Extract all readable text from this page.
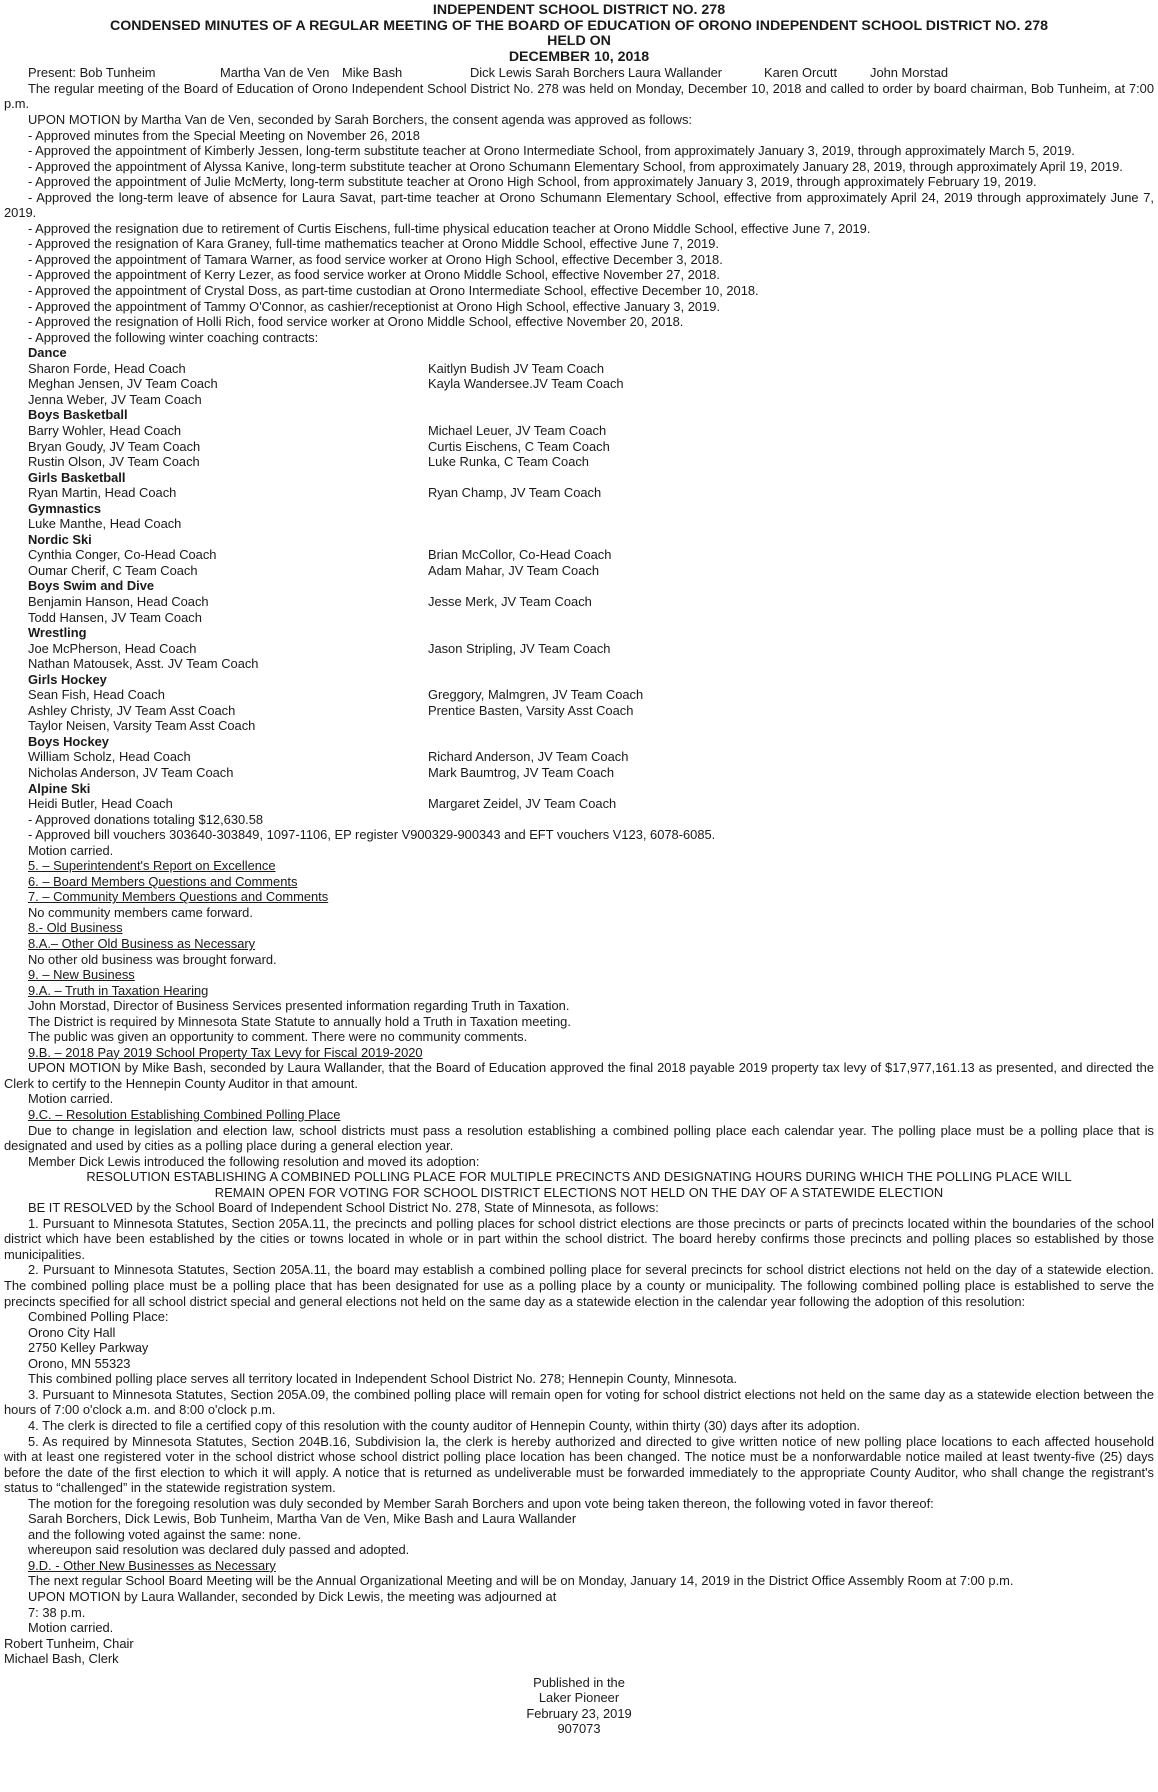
INDEPENDENT SCHOOL DISTRICT NO. 278
CONDENSED MINUTES OF A REGULAR MEETING OF THE BOARD OF EDUCATION OF ORONO INDEPENDENT SCHOOL DISTRICT NO. 278
HELD ON
DECEMBER 10, 2018
Present: Bob Tunheim	Martha Van de Ven Mike Bash	Dick Lewis Sarah Borchers Laura Wallander	Karen Orcutt	John Morstad

The regular meeting of the Board of Education of Orono Independent School District No. 278 was held on Monday, December 10, 2018 and called to order by board chairman, Bob Tunheim, at 7:00 p.m.

UPON MOTION by Martha Van de Ven, seconded by Sarah Borchers, the consent agenda was approved as follows:

- Approved minutes from the Special Meeting on November 26, 2018

- Approved the appointment of Kimberly Jessen, long-term substitute teacher at Orono Intermediate School, from approximately January 3, 2019, through approximately March 5, 2019.

- Approved the appointment of Alyssa Kanive, long-term substitute teacher at Orono Schumann Elementary School, from approximately January 28, 2019, through approximately April 19, 2019.

- Approved the appointment of Julie McMerty, long-term substitute teacher at Orono High School, from approximately January 3, 2019, through approximately February 19, 2019.

- Approved the long-term leave of absence for Laura Savat, part-time teacher at Orono Schumann Elementary School, effective from approximately April 24, 2019 through approximately June 7, 2019.

- Approved the resignation due to retirement of Curtis Eischens, full-time physical education teacher at Orono Middle School, effective June 7, 2019.

- Approved the resignation of Kara Graney, full-time mathematics teacher at Orono Middle School, effective June 7, 2019.

- Approved the appointment of Tamara Warner, as food service worker at Orono High School, effective December 3, 2018.

- Approved the appointment of Kerry Lezer, as food service worker at Orono Middle School, effective November 27, 2018.

- Approved the appointment of Crystal Doss, as part-time custodian at Orono Intermediate School, effective December 10, 2018.

- Approved the appointment of Tammy O'Connor, as cashier/receptionist at Orono High School, effective January 3, 2019.

- Approved the resignation of Holli Rich, food service worker at Orono Middle School, effective November 20, 2018.

- Approved the following winter coaching contracts:

Dance
Sharon Forde, Head Coach	Kaitlyn Budish JV Team Coach
Meghan Jensen, JV Team Coach	Kayla Wandersee.JV Team Coach
Jenna Weber, JV Team Coach
Boys Basketball
Barry Wohler, Head Coach	Michael Leuer, JV Team Coach
Bryan Goudy, JV Team Coach	Curtis Eischens, C Team Coach
Rustin Olson, JV Team Coach	Luke Runka, C Team Coach
Girls Basketball
Ryan Martin, Head Coach	Ryan Champ, JV Team Coach
Gymnastics
Luke Manthe, Head Coach
Nordic Ski
Cynthia Conger, Co-Head Coach	Brian McCollor, Co-Head Coach
Oumar Cherif, C Team Coach	Adam Mahar, JV Team Coach
Boys Swim and Dive
Benjamin Hanson, Head Coach	Jesse Merk, JV Team Coach
Todd Hansen, JV Team Coach
Wrestling
Joe McPherson, Head Coach	Jason Stripling, JV Team Coach
Nathan Matousek, Asst. JV Team Coach
Girls Hockey
Sean Fish, Head Coach	Greggory, Malmgren, JV Team Coach
Ashley Christy, JV Team Asst Coach	Prentice Basten, Varsity Asst Coach
Taylor Neisen, Varsity Team Asst Coach
Boys Hockey
William Scholz, Head Coach	Richard Anderson, JV Team Coach
Nicholas Anderson, JV Team Coach	Mark Baumtrog, JV Team Coach
Alpine Ski
Heidi Butler, Head Coach	Margaret Zeidel, JV Team Coach

- Approved donations totaling $12,630.58

- Approved bill vouchers 303640-303849, 1097-1106, EP register V900329-900343 and EFT vouchers V123, 6078-6085.

Motion carried.

5. – Superintendent's Report on Excellence

6. – Board Members Questions and Comments

7. – Community Members Questions and Comments

No community members came forward.

8.- Old Business

8.A.– Other Old Business as Necessary

No other old business was brought forward.

9. – New Business

9.A. – Truth in Taxation Hearing

John Morstad, Director of Business Services presented information regarding Truth in Taxation.

The District is required by Minnesota State Statute to annually hold a Truth in Taxation meeting.

The public was given an opportunity to comment. There were no community comments.

9.B. – 2018 Pay 2019 School Property Tax Levy for Fiscal 2019-2020

UPON MOTION by Mike Bash, seconded by Laura Wallander, that the Board of Education approved the final 2018 payable 2019 property tax levy of $17,977,161.13 as presented, and directed the Clerk to certify to the Hennepin County Auditor in that amount.

Motion carried.

9.C. – Resolution Establishing Combined Polling Place

Due to change in legislation and election law, school districts must pass a resolution establishing a combined polling place each calendar year. The polling place must be a polling place that is designated and used by cities as a polling place during a general election year.

Member Dick Lewis introduced the following resolution and moved its adoption:

RESOLUTION ESTABLISHING A COMBINED POLLING PLACE FOR MULTIPLE PRECINCTS AND DESIGNATING HOURS DURING WHICH THE POLLING PLACE WILL REMAIN OPEN FOR VOTING FOR SCHOOL DISTRICT ELECTIONS NOT HELD ON THE DAY OF A STATEWIDE ELECTION

BE IT RESOLVED by the School Board of Independent School District No. 278, State of Minnesota, as follows:

1. Pursuant to Minnesota Statutes, Section 205A.11, the precincts and polling places for school district elections are those precincts or parts of precincts located within the boundaries of the school district which have been established by the cities or towns located in whole or in part within the school district. The board hereby confirms those precincts and polling places so established by those municipalities.

2. Pursuant to Minnesota Statutes, Section 205A.11, the board may establish a combined polling place for several precincts for school district elections not held on the day of a statewide election. The combined polling place must be a polling place that has been designated for use as a polling place by a county or municipality. The following combined polling place is established to serve the precincts specified for all school district special and general elections not held on the same day as a statewide election in the calendar year following the adoption of this resolution:

Combined Polling Place:

Orono City Hall

2750 Kelley Parkway

Orono, MN 55323

This combined polling place serves all territory located in Independent School District No. 278; Hennepin County, Minnesota.

3. Pursuant to Minnesota Statutes, Section 205A.09, the combined polling place will remain open for voting for school district elections not held on the same day as a statewide election between the hours of 7:00 o'clock a.m. and 8:00 o'clock p.m.

4. The clerk is directed to file a certified copy of this resolution with the county auditor of Hennepin County, within thirty (30) days after its adoption.

5. As required by Minnesota Statutes, Section 204B.16, Subdivision la, the clerk is hereby authorized and directed to give written notice of new polling place locations to each affected household with at least one registered voter in the school district whose school district polling place location has been changed. The notice must be a nonforwardable notice mailed at least twenty-five (25) days before the date of the first election to which it will apply. A notice that is returned as undeliverable must be forwarded immediately to the appropriate County Auditor, who shall change the registrant's status to “challenged” in the statewide registration system.

The motion for the foregoing resolution was duly seconded by Member Sarah Borchers and upon vote being taken thereon, the following voted in favor thereof:

Sarah Borchers, Dick Lewis, Bob Tunheim, Martha Van de Ven, Mike Bash and Laura Wallander

and the following voted against the same: none.

whereupon said resolution was declared duly passed and adopted.

9.D. - Other New Businesses as Necessary

The next regular School Board Meeting will be the Annual Organizational Meeting and will be on Monday, January 14, 2019 in the District Office Assembly Room at 7:00 p.m.

UPON MOTION by Laura Wallander, seconded by Dick Lewis, the meeting was adjourned at

7: 38 p.m.

Motion carried.

Robert Tunheim, Chair
Michael Bash, Clerk
Published in the
Laker Pioneer
February 23, 2019
907073
